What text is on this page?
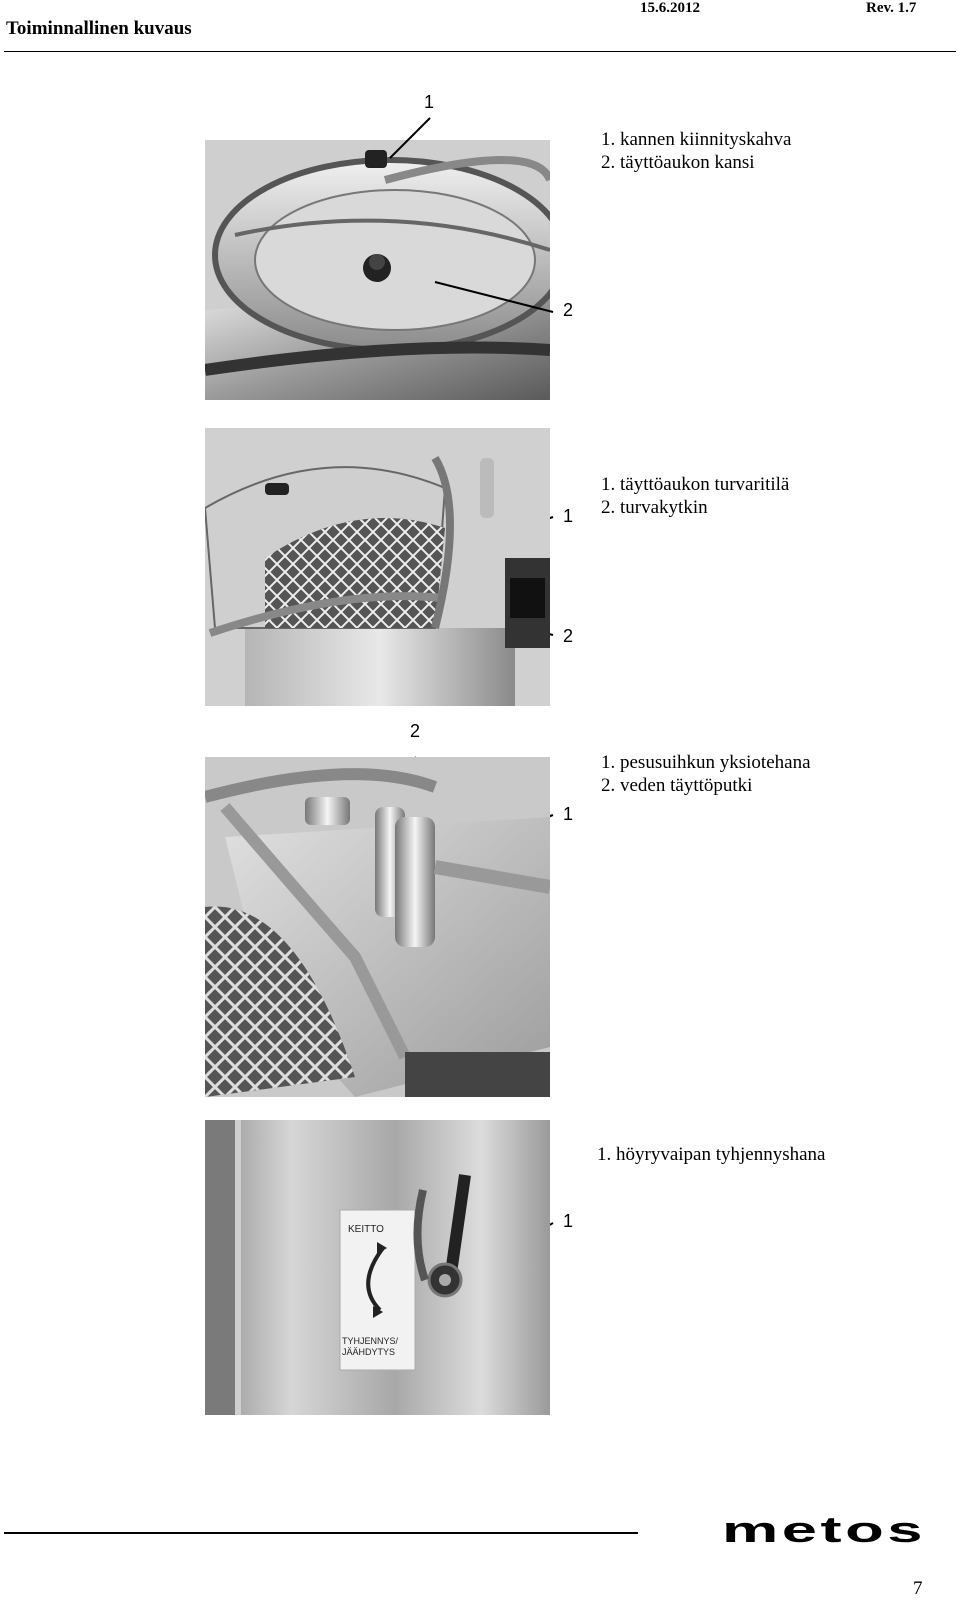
Toiminnallinen kuvaus
15.6.2012	Rev. 1.7
1
2
1. kannen kiinnityskahva
2. täyttöaukon kansi
1
2
1. täyttöaukon turvaritilä
2. turvakytkin
2
1
1. pesusuihkun yksiotehana
2. veden täyttöputki
KEITTO
TYHJENNYS/
JÄÄHDYTYS
1
1. höyryvaipan tyhjennyshana
metos
7
